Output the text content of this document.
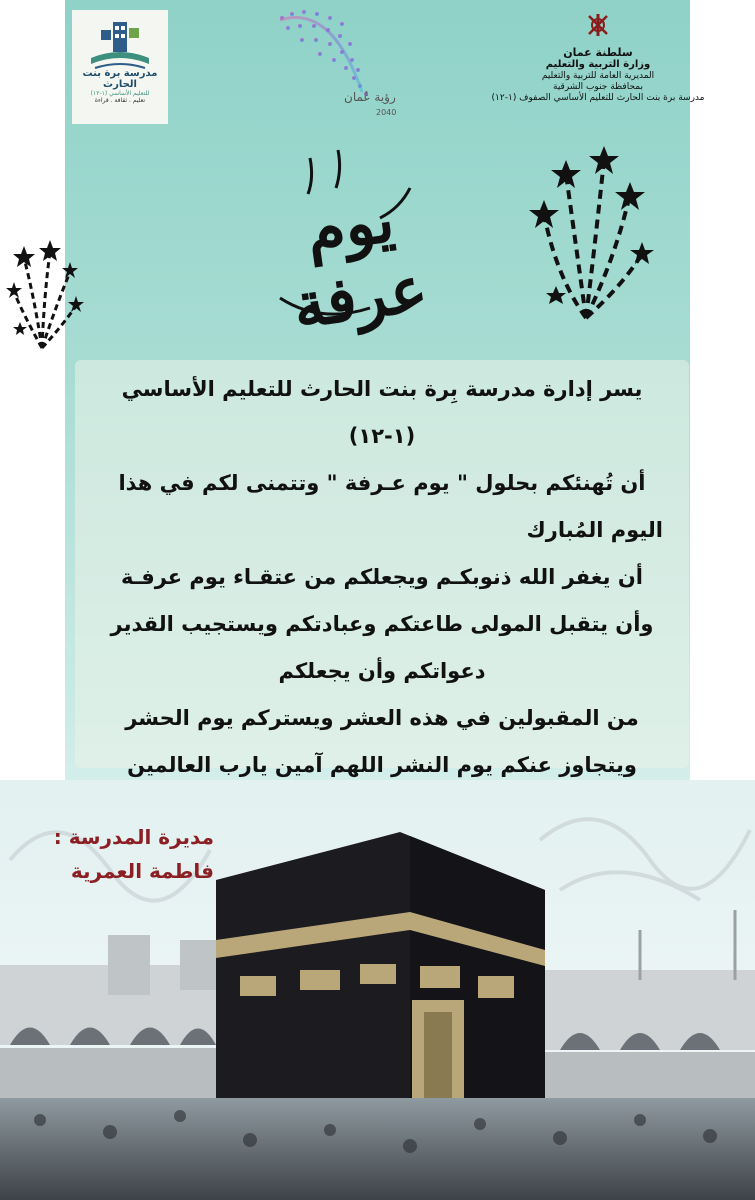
مدرسة برة بنت الحارث
للتعليم الأساسي (١-١٢)
تعليم . ثقافة . قراءة	رؤية عُمان
2040
سلطنة عمان
وزارة التربية والتعليم
المديرية العامة للتربية والتعليم
بمحافظة جنوب الشرقية
مدرسة برة بنت الحارث للتعليم الأساسي الصفوف (١-١٢)
يوم عرفة
يسر إدارة مدرسة بِرة بنت الحارث للتعليم الأساسي
(١-١٢)
أن تُهنئكم بحلول " يوم عـرفة " وتتمنى لكم في هذا
اليوم المُبارك
أن يغفر الله ذنوبكـم ويجعلكم من عتقـاء يوم عرفـة
وأن يتقبل المولى طاعتكم وعبادتكم ويستجيب القدير
دعواتكم وأن يجعلكم
من المقبولين في هذه العشر ويستركم يوم الحشر
ويتجاوز عنكم يوم النشر اللهم آمين يارب العالمين
مديرة المدرسة :
فاطمة العمرية
